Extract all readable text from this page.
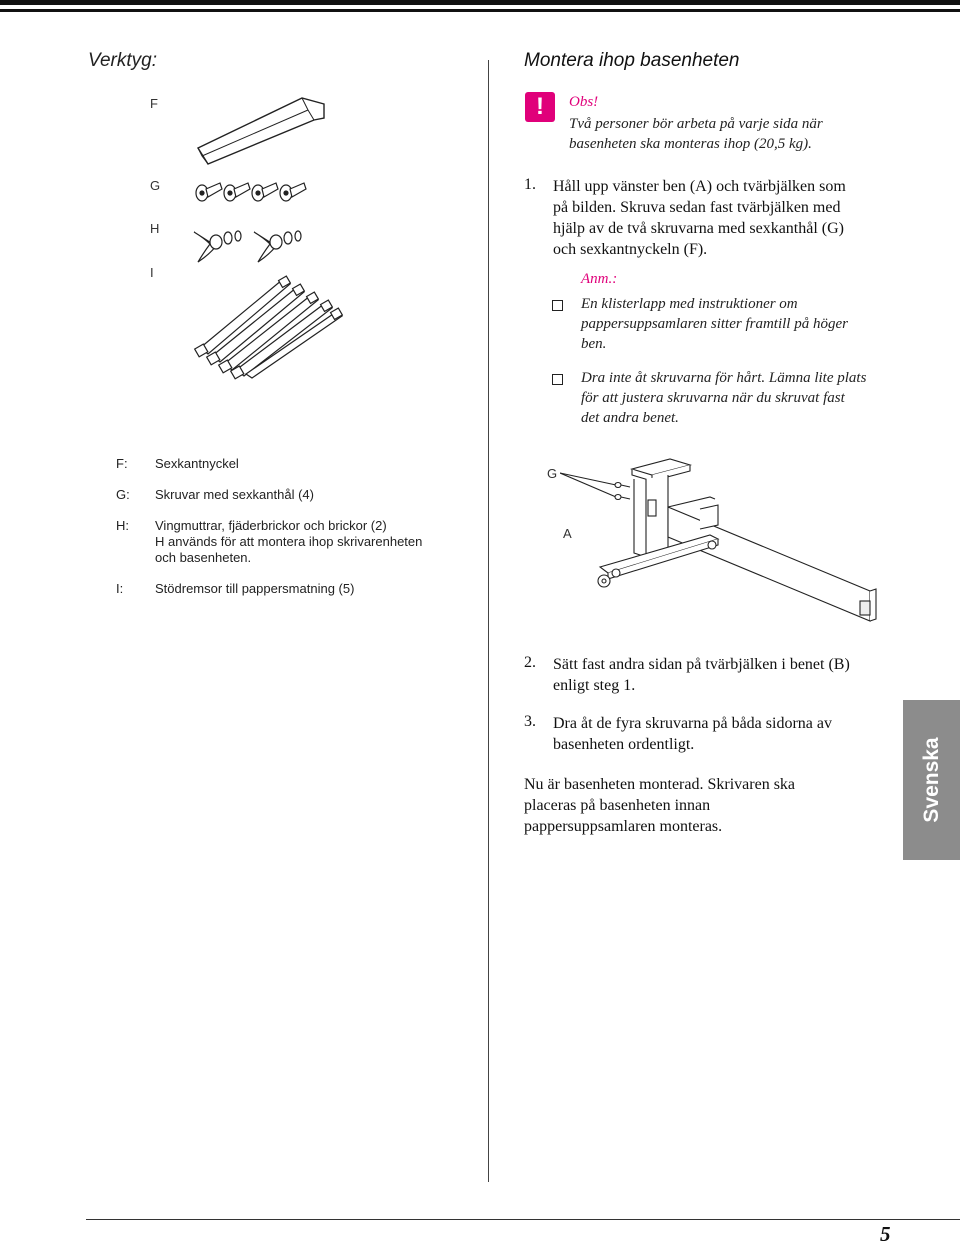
Verktyg:
F
G
H
I
F: Sexkantnyckel
G: Skruvar med sexkanthål (4)
H: Vingmuttrar, fjäderbrickor och brickor (2)
H används för att montera ihop skrivarenheten
och basenheten.
I: Stödremsor till pappersmatning (5)
Montera ihop basenheten
!	Obs!
Två personer bör arbeta på varje sida när
basenheten ska monteras ihop (20,5 kg).
1. Håll upp vänster ben (A) och tvärbjälken som
på bilden. Skruva sedan fast tvärbjälken med
hjälp av de två skruvarna med sexkanthål (G)
och sexkantnyckeln (F).
Anm.:
En klisterlapp med instruktioner om
pappersuppsamlaren sitter framtill på höger
ben.
Dra inte åt skruvarna för hårt. Lämna lite plats
för att justera skruvarna när du skruvat fast
det andra benet.
G
A
2. Sätt fast andra sidan på tvärbjälken i benet (B)
enligt steg 1.
3. Dra åt de fyra skruvarna på båda sidorna av
basenheten ordentligt.
Nu är basenheten monterad. Skrivaren ska
placeras på basenheten innan
pappersuppsamlaren monteras.
Svenska
5
